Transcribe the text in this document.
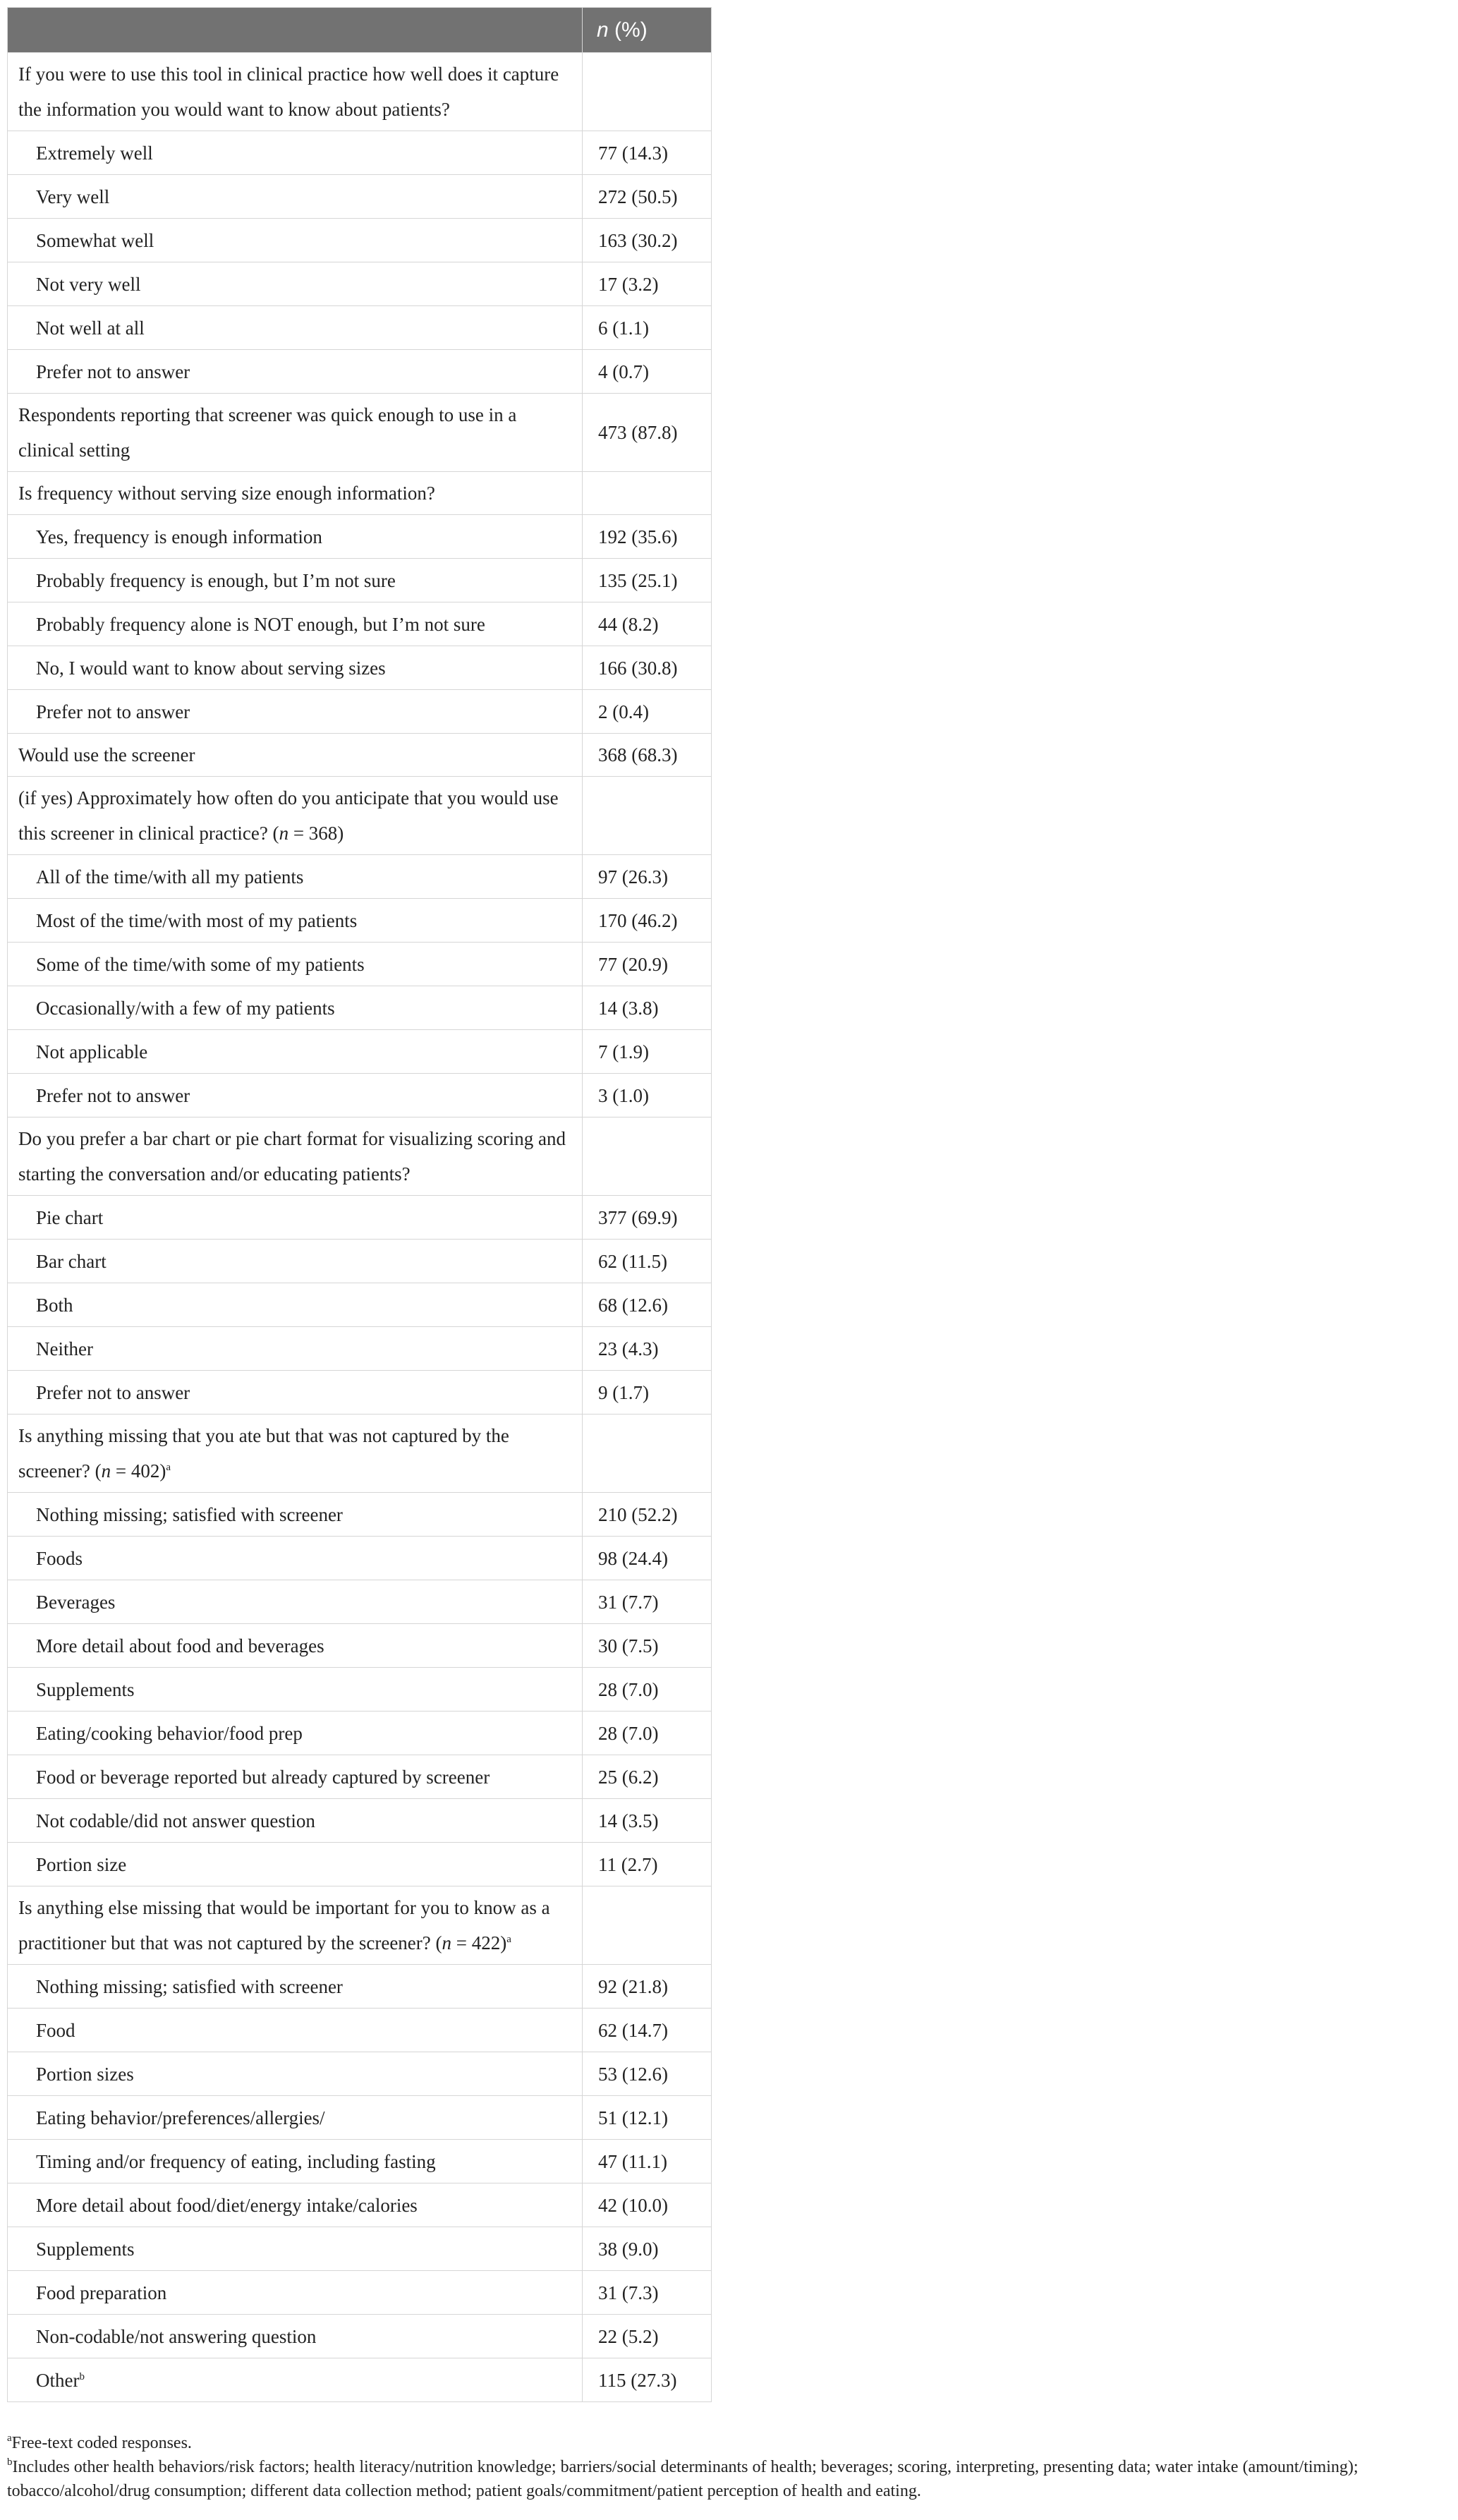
	n (%)
If you were to use this tool in clinical practice how well does it capture the information you would want to know about patients?	
Extremely well	77 (14.3)
Very well	272 (50.5)
Somewhat well	163 (30.2)
Not very well	17 (3.2)
Not well at all	6 (1.1)
Prefer not to answer	4 (0.7)
Respondents reporting that screener was quick enough to use in a clinical setting	473 (87.8)
Is frequency without serving size enough information?	
Yes, frequency is enough information	192 (35.6)
Probably frequency is enough, but I’m not sure	135 (25.1)
Probably frequency alone is NOT enough, but I’m not sure	44 (8.2)
No, I would want to know about serving sizes	166 (30.8)
Prefer not to answer	2 (0.4)
Would use the screener	368 (68.3)
(if yes) Approximately how often do you anticipate that you would use this screener in clinical practice? (n = 368)	
All of the time/with all my patients	97 (26.3)
Most of the time/with most of my patients	170 (46.2)
Some of the time/with some of my patients	77 (20.9)
Occasionally/with a few of my patients	14 (3.8)
Not applicable	7 (1.9)
Prefer not to answer	3 (1.0)
Do you prefer a bar chart or pie chart format for visualizing scoring and starting the conversation and/or educating patients?	
Pie chart	377 (69.9)
Bar chart	62 (11.5)
Both	68 (12.6)
Neither	23 (4.3)
Prefer not to answer	9 (1.7)
Is anything missing that you ate but that was not captured by the screener? (n = 402)$^a$	
Nothing missing; satisfied with screener	210 (52.2)
Foods	98 (24.4)
Beverages	31 (7.7)
More detail about food and beverages	30 (7.5)
Supplements	28 (7.0)
Eating/cooking behavior/food prep	28 (7.0)
Food or beverage reported but already captured by screener	25 (6.2)
Not codable/did not answer question	14 (3.5)
Portion size	11 (2.7)
Is anything else missing that would be important for you to know as a practitioner but that was not captured by the screener? (n = 422)$^a$	
Nothing missing; satisfied with screener	92 (21.8)
Food	62 (14.7)
Portion sizes	53 (12.6)
Eating behavior/preferences/allergies/	51 (12.1)
Timing and/or frequency of eating, including fasting	47 (11.1)
More detail about food/diet/energy intake/calories	42 (10.0)
Supplements	38 (9.0)
Food preparation	31 (7.3)
Non-codable/not answering question	22 (5.2)
Other$^b$	115 (27.3)

$^a$Free-text coded responses.

$^b$Includes other health behaviors/risk factors; health literacy/nutrition knowledge; barriers/social determinants of health; beverages; scoring, interpreting, presenting data; water intake (amount/timing); tobacco/alcohol/drug consumption; different data collection method; patient goals/commitment/patient perception of health and eating.
